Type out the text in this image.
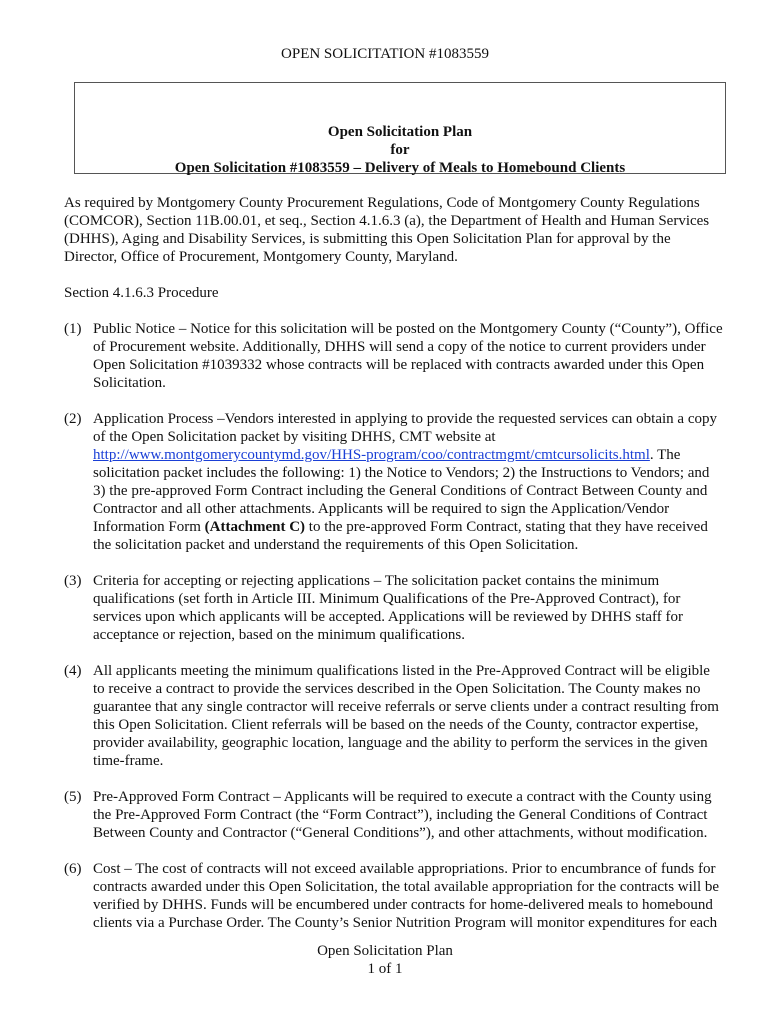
OPEN SOLICITATION #1083559
Open Solicitation Plan
for
Open Solicitation #1083559 – Delivery of Meals to Homebound Clients

As required by Montgomery County Procurement Regulations, Code of Montgomery County Regulations (COMCOR), Section 11B.00.01, et seq., Section 4.1.6.3 (a), the Department of Health and Human Services (DHHS), Aging and Disability Services, is submitting this Open Solicitation Plan for approval by the Director, Office of Procurement, Montgomery County, Maryland.

Section 4.1.6.3 Procedure

(1) Public Notice – Notice for this solicitation will be posted on the Montgomery County (“County”), Office of Procurement website. Additionally, DHHS will send a copy of the notice to current providers under Open Solicitation #1039332 whose contracts will be replaced with contracts awarded under this Open Solicitation.
(2) Application Process –Vendors interested in applying to provide the requested services can obtain a copy of the Open Solicitation packet by visiting DHHS, CMT website at http://www.montgomerycountymd.gov/HHS-program/coo/contractmgmt/cmtcursolicits.html. The solicitation packet includes the following: 1) the Notice to Vendors; 2) the Instructions to Vendors; and 3) the pre-approved Form Contract including the General Conditions of Contract Between County and Contractor and all other attachments. Applicants will be required to sign the Application/Vendor Information Form (Attachment C) to the pre-approved Form Contract, stating that they have received the solicitation packet and understand the requirements of this Open Solicitation.
(3) Criteria for accepting or rejecting applications – The solicitation packet contains the minimum qualifications (set forth in Article III. Minimum Qualifications of the Pre-Approved Contract), for services upon which applicants will be accepted. Applications will be reviewed by DHHS staff for acceptance or rejection, based on the minimum qualifications.
(4) All applicants meeting the minimum qualifications listed in the Pre-Approved Contract will be eligible to receive a contract to provide the services described in the Open Solicitation. The County makes no guarantee that any single contractor will receive referrals or serve clients under a contract resulting from this Open Solicitation. Client referrals will be based on the needs of the County, contractor expertise, provider availability, geographic location, language and the ability to perform the services in the given time-frame.
(5) Pre-Approved Form Contract – Applicants will be required to execute a contract with the County using the Pre-Approved Form Contract (the “Form Contract”), including the General Conditions of Contract Between County and Contractor (“General Conditions”), and other attachments, without modification.
(6) Cost – The cost of contracts will not exceed available appropriations. Prior to encumbrance of funds for contracts awarded under this Open Solicitation, the total available appropriation for the contracts will be verified by DHHS. Funds will be encumbered under contracts for home-delivered meals to homebound clients via a Purchase Order. The County’s Senior Nutrition Program will monitor expenditures for each
Open Solicitation Plan
1 of 1
